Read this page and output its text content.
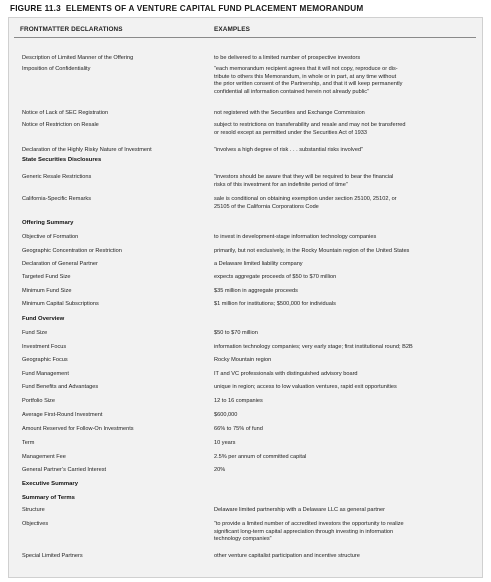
FIGURE 11.3 ELEMENTS OF A VENTURE CAPITAL FUND PLACEMENT MEMORANDUM
FRONTMATTER DECLARATIONS	EXAMPLES
Description of Limited Manner of the Offering	to be delivered to a limited number of prospective investors
Imposition of Confidentiality	“each memorandum recipient agrees that it will not copy, reproduce or dis-
tribute to others this Memorandum, in whole or in part, at any time without
the prior written consent of the Partnership, and that it will keep permanently
confidential all information contained herein not already public”
Notice of Lack of SEC Registration	not registered with the Securities and Exchange Commission
Notice of Restriction on Resale	subject to restrictions on transferability and resale and may not be transferred
or resold except as permitted under the Securities Act of 1933
Declaration of the Highly Risky Nature of Investment	“involves a high degree of risk . . . substantial risks involved”
State Securities Disclosures
Generic Resale Restrictions	“investors should be aware that they will be required to bear the financial
risks of this investment for an indefinite period of time”
California-Specific Remarks	sale is conditional on obtaining exemption under section 25100, 25102, or
25105 of the California Corporations Code
Offering Summary
Objective of Formation	to invest in development-stage information technology companies
Geographic Concentration or Restriction	primarily, but not exclusively, in the Rocky Mountain region of the United States
Declaration of General Partner	a Delaware limited liability company
Targeted Fund Size	expects aggregate proceeds of $50 to $70 million
Minimum Fund Size	$35 million in aggregate proceeds
Minimum Capital Subscriptions	$1 million for institutions; $500,000 for individuals
Fund Overview
Fund Size	$50 to $70 million
Investment Focus	information technology companies; very early stage; first institutional round; B2B
Geographic Focus	Rocky Mountain region
Fund Management	IT and VC professionals with distinguished advisory board
Fund Benefits and Advantages	unique in region; access to low valuation ventures, rapid exit opportunities
Portfolio Size	12 to 16 companies
Average First-Round Investment	$600,000
Amount Reserved for Follow-On Investments	66% to 75% of fund
Term	10 years
Management Fee	2.5% per annum of committed capital
General Partner’s Carried Interest	20%
Executive Summary
Summary of Terms
Structure	Delaware limited partnership with a Delaware LLC as general partner
Objectives	“to provide a limited number of accredited investors the opportunity to realize
significant long-term capital appreciation through investing in information
technology companies”
Special Limited Partners	other venture capitalist participation and incentive structure
